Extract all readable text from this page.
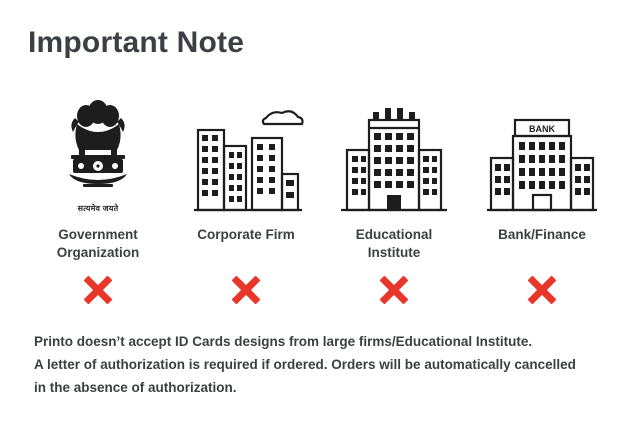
Important Note
सत्यमेव जयते
Government
Organization
Corporate Firm	Educational Institute
BANK
Bank/Finance
Printo doesn’t accept ID Cards designs from large firms/Educational Institute.
A letter of authorization is required if ordered. Orders will be automatically cancelled
in the absence of authorization.
